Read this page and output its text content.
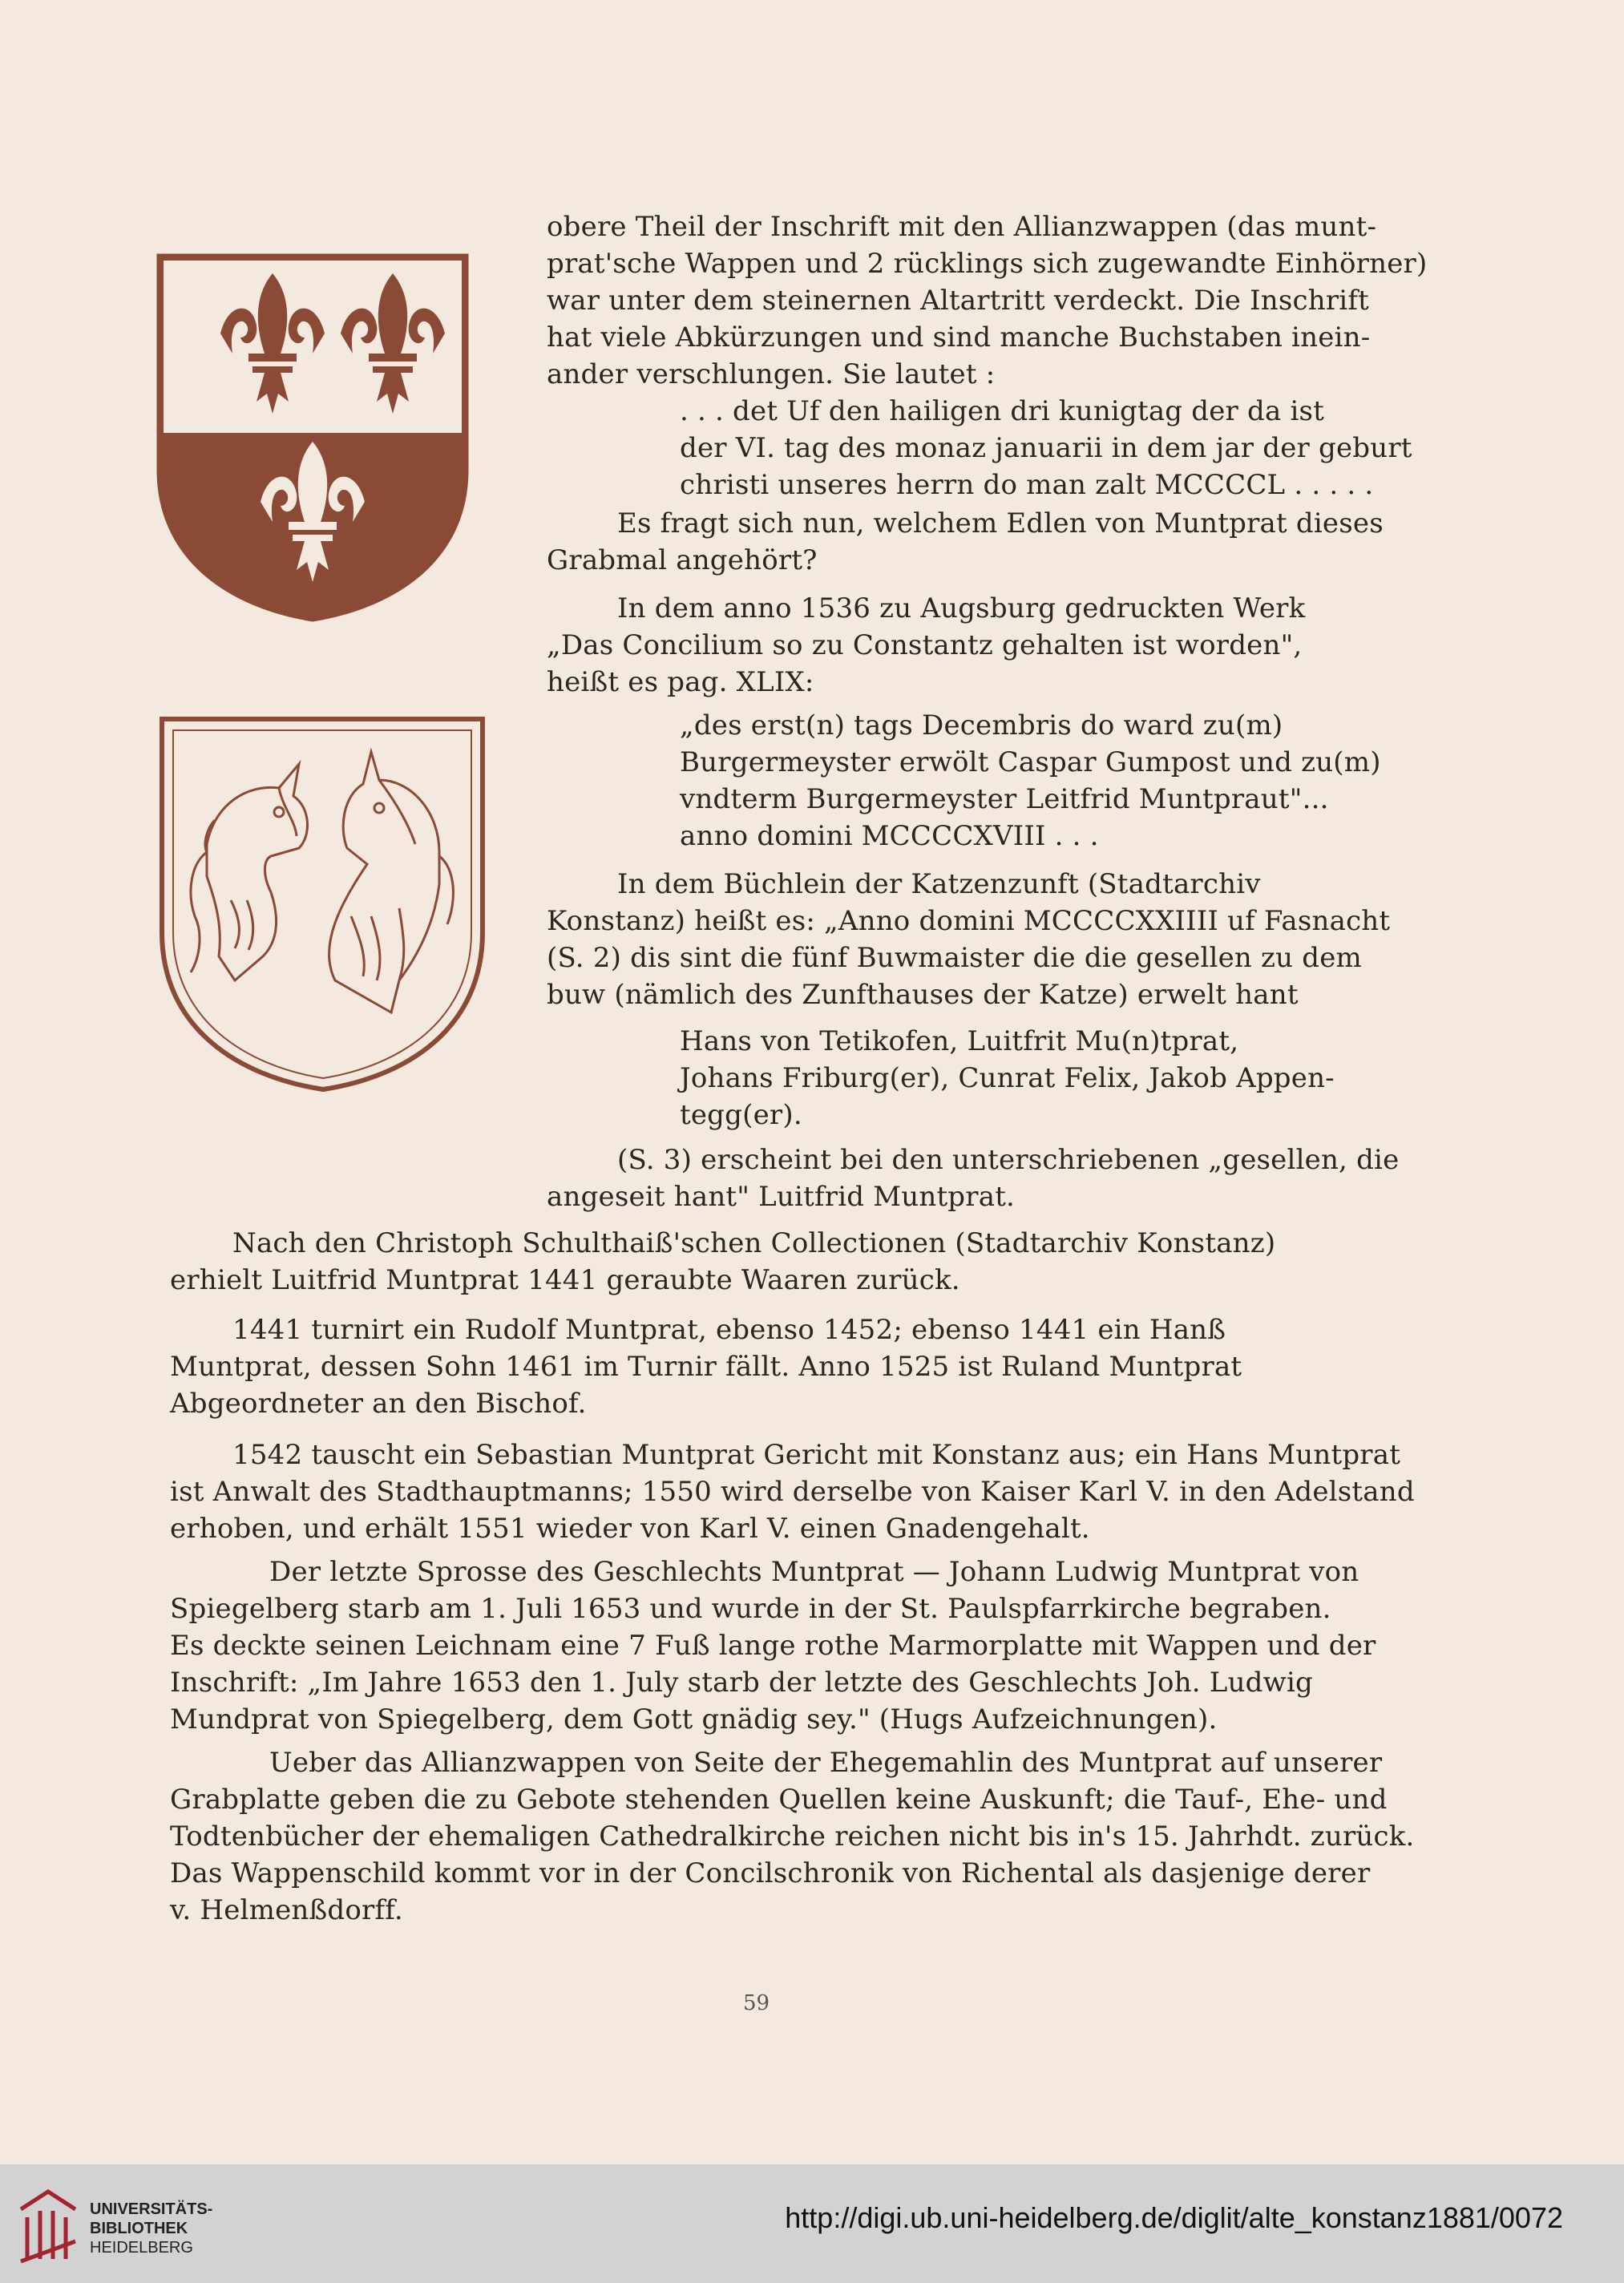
obere Theil der Inschrift mit den Allianzwappen (das munt-
prat'sche Wappen und 2 rücklings sich zugewandte Einhörner)
war unter dem steinernen Altartritt verdeckt. Die Inschrift
hat viele Abkürzungen und sind manche Buchstaben inein-
ander verschlungen. Sie lautet :
. . . det Uf den hailigen dri kunigtag der da ist
der VI. tag des monaz januarii in dem jar der geburt
christi unseres herrn do man zalt MCCCCL . . . . .
Es fragt sich nun, welchem Edlen von Muntprat dieses
Grabmal angehört?
In dem anno 1536 zu Augsburg gedruckten Werk
„Das Concilium so zu Constantz gehalten ist worden",
heißt es pag. XLIX:
„des erst(n) tags Decembris do ward zu(m)
Burgermeyster erwölt Caspar Gumpost und zu(m)
vndterm Burgermeyster Leitfrid Muntpraut"...
anno domini MCCCCXVIII . . .
In dem Büchlein der Katzenzunft (Stadtarchiv
Konstanz) heißt es: „Anno domini MCCCCXXIIII uf Fasnacht
(S. 2) dis sint die fünf Buwmaister die die gesellen zu dem
buw (nämlich des Zunfthauses der Katze) erwelt hant
Hans von Tetikofen, Luitfrit Mu(n)tprat,
Johans Friburg(er), Cunrat Felix, Jakob Appen-
tegg(er).
(S. 3) erscheint bei den unterschriebenen „gesellen, die
angeseit hant" Luitfrid Muntprat.
Nach den Christoph Schulthaiß'schen Collectionen (Stadtarchiv Konstanz)
erhielt Luitfrid Muntprat 1441 geraubte Waaren zurück.
1441 turnirt ein Rudolf Muntprat, ebenso 1452; ebenso 1441 ein Hanß
Muntprat, dessen Sohn 1461 im Turnir fällt. Anno 1525 ist Ruland Muntprat
Abgeordneter an den Bischof.
1542 tauscht ein Sebastian Muntprat Gericht mit Konstanz aus; ein Hans Muntprat
ist Anwalt des Stadthauptmanns; 1550 wird derselbe von Kaiser Karl V. in den Adelstand
erhoben, und erhält 1551 wieder von Karl V. einen Gnadengehalt.
Der letzte Sprosse des Geschlechts Muntprat — Johann Ludwig Muntprat von
Spiegelberg starb am 1. Juli 1653 und wurde in der St. Paulspfarrkirche begraben.
Es deckte seinen Leichnam eine 7 Fuß lange rothe Marmorplatte mit Wappen und der
Inschrift: „Im Jahre 1653 den 1. July starb der letzte des Geschlechts Joh. Ludwig
Mundprat von Spiegelberg, dem Gott gnädig sey." (Hugs Aufzeichnungen).
Ueber das Allianzwappen von Seite der Ehegemahlin des Muntprat auf unserer
Grabplatte geben die zu Gebote stehenden Quellen keine Auskunft; die Tauf-, Ehe- und
Todtenbücher der ehemaligen Cathedralkirche reichen nicht bis in's 15. Jahrhdt. zurück.
Das Wappenschild kommt vor in der Concilschronik von Richental als dasjenige derer
v. Helmenßdorff.
59
UNIVERSITÄTS-
BIBLIOTHEK
HEIDELBERG
http://digi.ub.uni-heidelberg.de/diglit/alte_konstanz1881/0072
